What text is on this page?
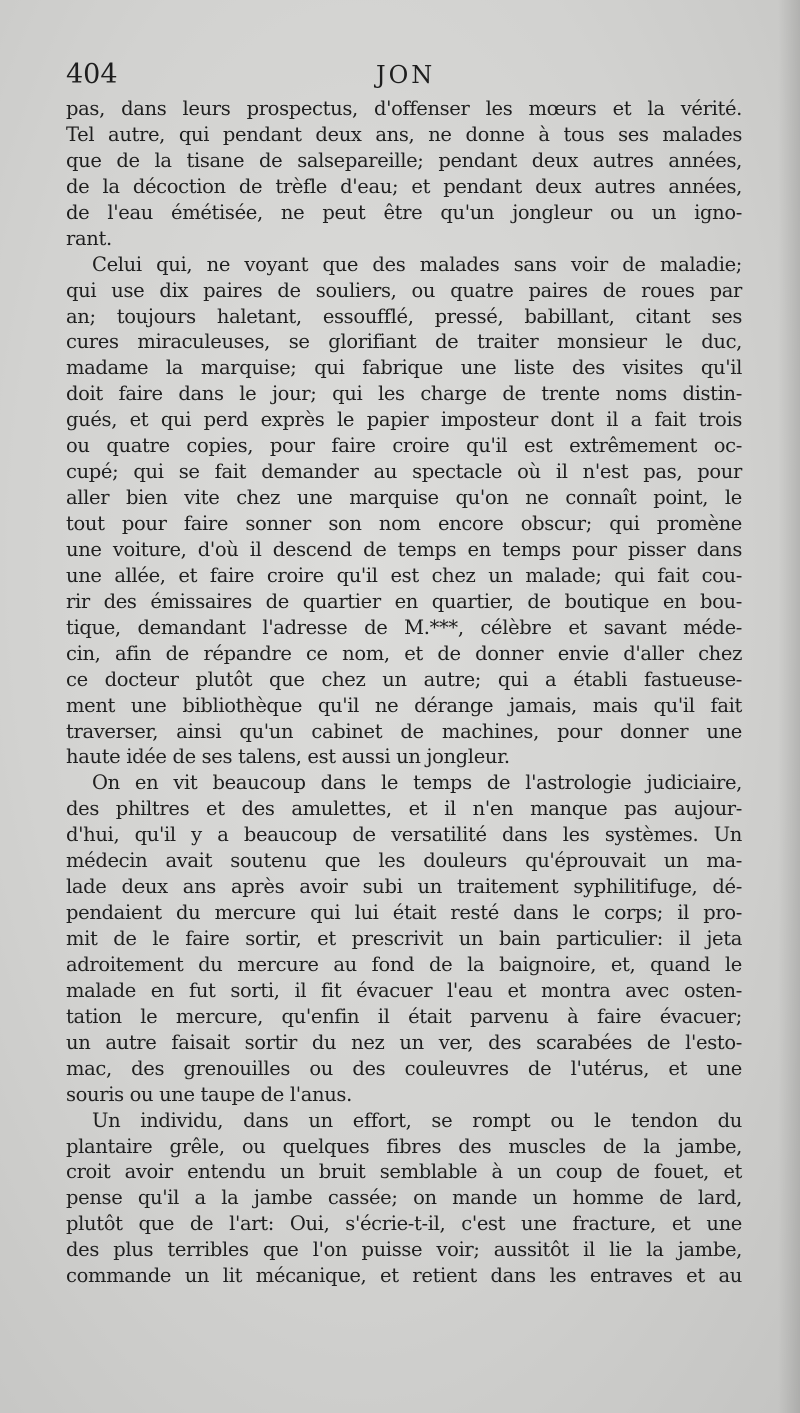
404	JON
pas, dans leurs prospectus, d'offenser les mœurs et la vérité.
Tel autre, qui pendant deux ans, ne donne à tous ses malades
que de la tisane de salsepareille; pendant deux autres années,
de la décoction de trèfle d'eau; et pendant deux autres années,
de l'eau émétisée, ne peut être qu'un jongleur ou un igno-
rant.
Celui qui, ne voyant que des malades sans voir de maladie;
qui use dix paires de souliers, ou quatre paires de roues par
an; toujours haletant, essoufflé, pressé, babillant, citant ses
cures miraculeuses, se glorifiant de traiter monsieur le duc,
madame la marquise; qui fabrique une liste des visites qu'il
doit faire dans le jour; qui les charge de trente noms distin-
gués, et qui perd exprès le papier imposteur dont il a fait trois
ou quatre copies, pour faire croire qu'il est extrêmement oc-
cupé; qui se fait demander au spectacle où il n'est pas, pour
aller bien vite chez une marquise qu'on ne connaît point, le
tout pour faire sonner son nom encore obscur; qui promène
une voiture, d'où il descend de temps en temps pour pisser dans
une allée, et faire croire qu'il est chez un malade; qui fait cou-
rir des émissaires de quartier en quartier, de boutique en bou-
tique, demandant l'adresse de M.***, célèbre et savant méde-
cin, afin de répandre ce nom, et de donner envie d'aller chez
ce docteur plutôt que chez un autre; qui a établi fastueuse-
ment une bibliothèque qu'il ne dérange jamais, mais qu'il fait
traverser, ainsi qu'un cabinet de machines, pour donner une
haute idée de ses talens, est aussi un jongleur.
On en vit beaucoup dans le temps de l'astrologie judiciaire,
des philtres et des amulettes, et il n'en manque pas aujour-
d'hui, qu'il y a beaucoup de versatilité dans les systèmes. Un
médecin avait soutenu que les douleurs qu'éprouvait un ma-
lade deux ans après avoir subi un traitement syphilitifuge, dé-
pendaient du mercure qui lui était resté dans le corps; il pro-
mit de le faire sortir, et prescrivit un bain particulier: il jeta
adroitement du mercure au fond de la baignoire, et, quand le
malade en fut sorti, il fit évacuer l'eau et montra avec osten-
tation le mercure, qu'enfin il était parvenu à faire évacuer;
un autre faisait sortir du nez un ver, des scarabées de l'esto-
mac, des grenouilles ou des couleuvres de l'utérus, et une
souris ou une taupe de l'anus.
Un individu, dans un effort, se rompt ou le tendon du
plantaire grêle, ou quelques fibres des muscles de la jambe,
croit avoir entendu un bruit semblable à un coup de fouet, et
pense qu'il a la jambe cassée; on mande un homme de lard,
plutôt que de l'art: Oui, s'écrie-t-il, c'est une fracture, et une
des plus terribles que l'on puisse voir; aussitôt il lie la jambe,
commande un lit mécanique, et retient dans les entraves et au
